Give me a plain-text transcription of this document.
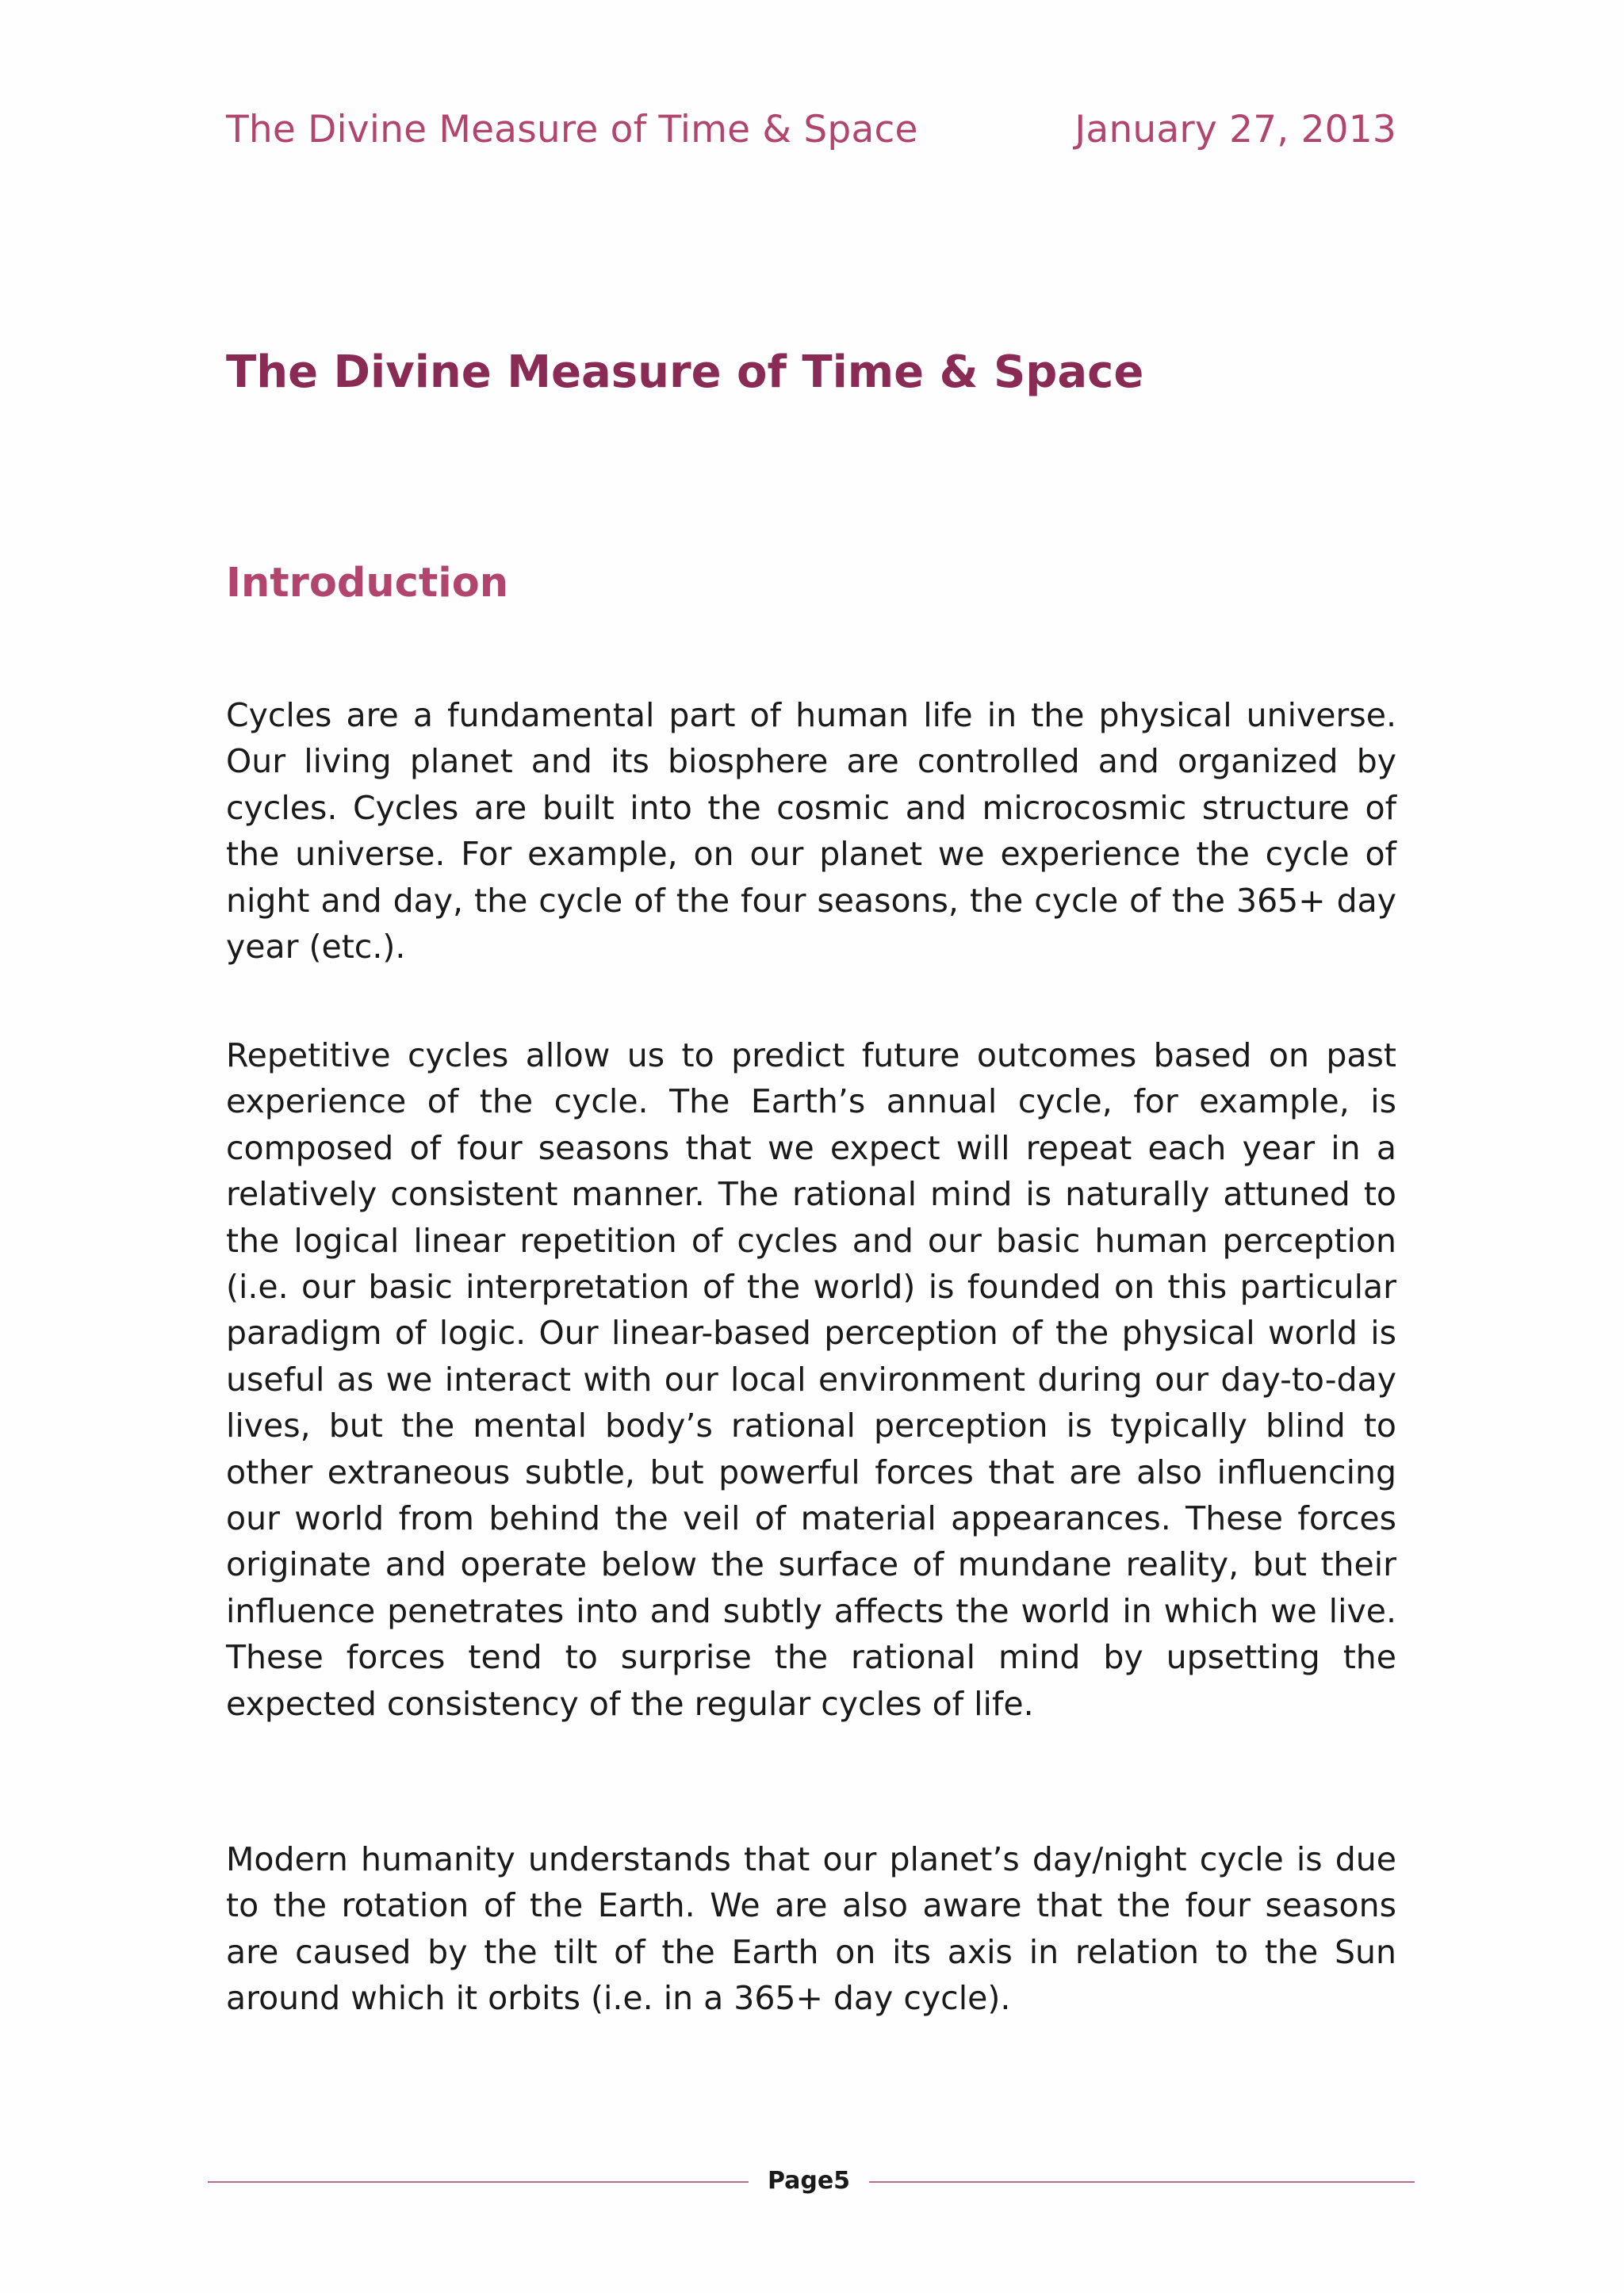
The Divine Measure of Time & Space	January 27, 2013
The Divine Measure of Time & Space
Introduction

Cycles are a fundamental part of human life in the physical universe. Our living planet and its biosphere are controlled and organized by cycles. Cycles are built into the cosmic and microcosmic structure of the universe. For example, on our planet we experience the cycle of night and day, the cycle of the four seasons, the cycle of the 365+ day year (etc.).

Repetitive cycles allow us to predict future outcomes based on past experience of the cycle. The Earth’s annual cycle, for example, is composed of four seasons that we expect will repeat each year in a relatively consistent manner. The rational mind is naturally attuned to the logical linear repetition of cycles and our basic human perception (i.e. our basic interpretation of the world) is founded on this particular paradigm of logic. Our linear-based perception of the physical world is useful as we interact with our local environment during our day-to-day lives, but the mental body’s rational perception is typically blind to other extraneous subtle, but powerful forces that are also influencing our world from behind the veil of material appearances. These forces originate and operate below the surface of mundane reality, but their influence penetrates into and subtly affects the world in which we live. These forces tend to surprise the rational mind by upsetting the expected consistency of the regular cycles of life.

Modern humanity understands that our planet’s day/night cycle is due to the rotation of the Earth. We are also aware that the four seasons are caused by the tilt of the Earth on its axis in relation to the Sun around which it orbits (i.e. in a 365+ day cycle).

Page5
